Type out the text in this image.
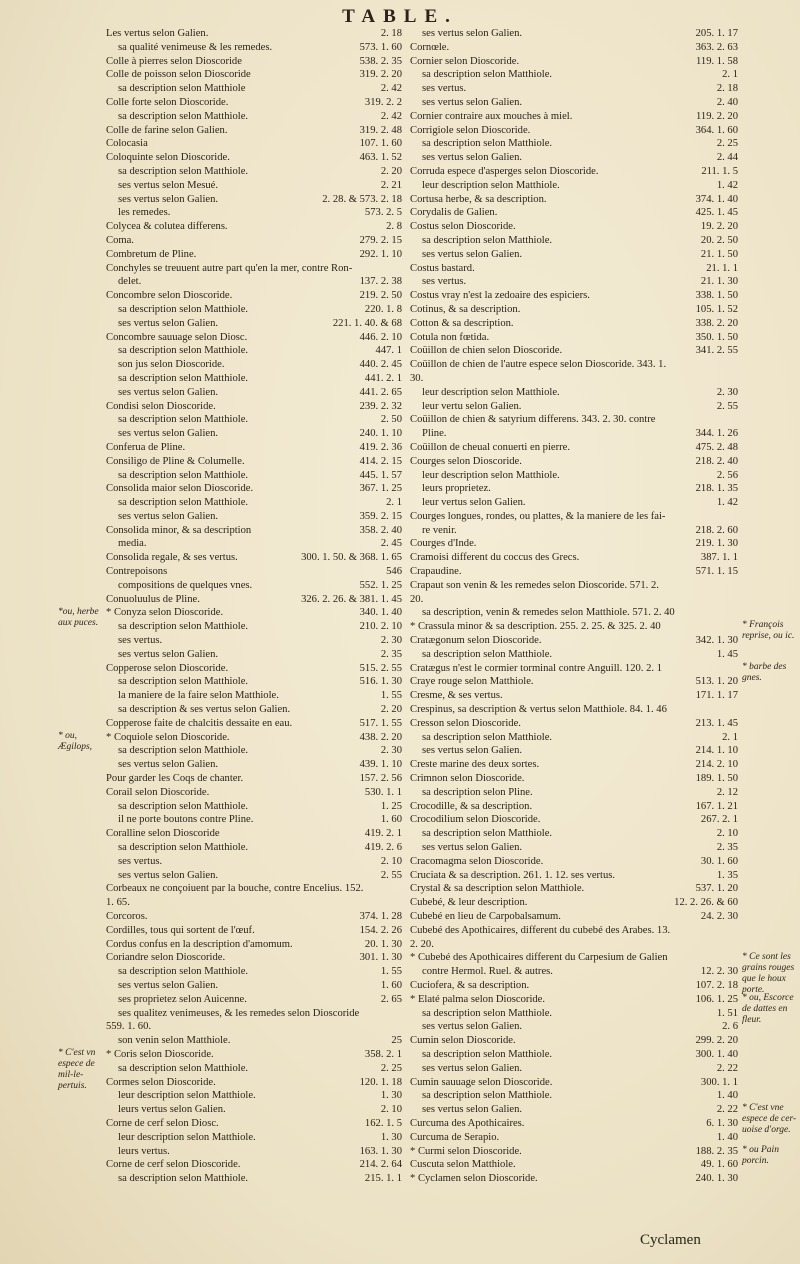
TABLE.
Les vertus selon Galien.	2. 18
sa qualité venimeuse & les remedes.	573. 1. 60
Colle à pierres selon Dioscoride	538. 2. 35
Colle de poisson selon Dioscoride	319. 2. 20
sa description selon Matthiole	2. 42
Colle forte selon Dioscoride.	319. 2. 2
sa description selon Matthiole.	2. 42
Colle de farine selon Galien.	319. 2. 48
Colocasia	107. 1. 60
Coloquinte selon Dioscoride.	463. 1. 52
sa description selon Matthiole.	2. 20
ses vertus selon Mesué.	2. 21
ses vertus selon Galien.	2. 28. & 573. 2. 18
les remedes.	573. 2. 5
Colycea & colutea differens.	2. 8
Coma.	279. 2. 15
Combretum de Pline.	292. 1. 10
Conchyles se treuuent autre part qu'en la mer, contre Ron-
delet.	137. 2. 38
Concombre selon Dioscoride.	219. 2. 50
sa description selon Matthiole.	220. 1. 8
ses vertus selon Galien.	221. 1. 40. & 68
Concombre sauuage selon Diosc.	446. 2. 10
sa description selon Matthiole.	447. 1
son jus selon Dioscoride.	440. 2. 45
sa description selon Matthiole.	441. 2. 1
ses vertus selon Galien.	441. 2. 65
Condisi selon Dioscoride.	239. 2. 32
sa description selon Matthiole.	2. 50
ses vertus selon Galien.	240. 1. 10
Conferua de Pline.	419. 2. 36
Consiligo de Pline & Columelle.	414. 2. 15
sa description selon Matthiole.	445. 1. 57
Consolida maior selon Dioscoride.	367. 1. 25
sa description selon Matthiole.	2. 1
ses vertus selon Galien.	359. 2. 15
Consolida minor, & sa description	358. 2. 40
media.	2. 45
Consolida regale, & ses vertus.	300. 1. 50. & 368. 1. 65
Contrepoisons	546
compositions de quelques vnes.	552. 1. 25
Conuoluulus de Pline.	326. 2. 26. & 381. 1. 45
* Conyza selon Dioscoride.	340. 1. 40
sa description selon Matthiole.	210. 2. 10
ses vertus.	2. 30
ses vertus selon Galien.	2. 35
Copperose selon Dioscoride.	515. 2. 55
sa description selon Matthiole.	516. 1. 30
la maniere de la faire selon Matthiole.	1. 55
sa description & ses vertus selon Galien.	2. 20
Copperose faite de chalcitis dessaite en eau.	517. 1. 55
* Coquiole selon Dioscoride.	438. 2. 20
sa description selon Matthiole.	2. 30
ses vertus selon Galien.	439. 1. 10
Pour garder les Coqs de chanter.	157. 2. 56
Corail selon Dioscoride.	530. 1. 1
sa description selon Matthiole.	1. 25
il ne porte boutons contre Pline.	1. 60
Coralline selon Dioscoride	419. 2. 1
sa description selon Matthiole.	419. 2. 6
ses vertus.	2. 10
ses vertus selon Galien.	2. 55
Corbeaux ne conçoiuent par la bouche, contre Encelius. 152.
1. 65.
Corcoros.	374. 1. 28
Cordilles, tous qui sortent de l'œuf.	154. 2. 26
Cordus confus en la description d'amomum.	20. 1. 30
Coriandre selon Dioscoride.	301. 1. 30
sa description selon Matthiole.	1. 55
ses vertus selon Galien.	1. 60
ses proprietez selon Auicenne.	2. 65
ses qualitez venimeuses, & les remedes selon Dioscoride
559. 1. 60.
son venin selon Matthiole.	25
* Coris selon Dioscoride.	358. 2. 1
sa description selon Matthiole.	2. 25
Cormes selon Dioscoride.	120. 1. 18
leur description selon Matthiole.	1. 30
leurs vertus selon Galien.	2. 10
Corne de cerf selon Diosc.	162. 1. 5
leur description selon Matthiole.	1. 30
leurs vertus.	163. 1. 30
Corne de cerf selon Dioscoride.	214. 2. 64
sa description selon Matthiole.	215. 1. 1
ses vertus selon Galien.	205. 1. 17
Cornœle.	363. 2. 63
Cornier selon Dioscoride.	119. 1. 58
sa description selon Matthiole.	2. 1
ses vertus.	2. 18
ses vertus selon Galien.	2. 40
Cornier contraire aux mouches à miel.	119. 2. 20
Corrigiole selon Dioscoride.	364. 1. 60
sa description selon Matthiole.	2. 25
ses vertus selon Galien.	2. 44
Corruda espece d'asperges selon Dioscoride.	211. 1. 5
leur description selon Matthiole.	1. 42
Cortusa herbe, & sa description.	374. 1. 40
Corydalis de Galien.	425. 1. 45
Costus selon Dioscoride.	19. 2. 20
sa description selon Matthiole.	20. 2. 50
ses vertus selon Galien.	21. 1. 50
Costus bastard.	21. 1. 1
ses vertus.	21. 1. 30
Costus vray n'est la zedoaire des espiciers.	338. 1. 50
Cotinus, & sa description.	105. 1. 52
Cotton & sa description.	338. 2. 20
Cotula non fœtida.	350. 1. 50
Coüillon de chien selon Dioscoride.	341. 2. 55
Coüillon de chien de l'autre espece selon Dioscoride. 343. 1.
30.
leur description selon Matthiole.	2. 30
leur vertu selon Galien.	2. 55
Coüillon de chien & satyrium differens. 343. 2. 30. contre
Pline.	344. 1. 26
Coüillon de cheual conuerti en pierre.	475. 2. 48
Courges selon Dioscoride.	218. 2. 40
leur description selon Matthiole.	2. 56
leurs proprietez.	218. 1. 35
leur vertus selon Galien.	1. 42
Courges longues, rondes, ou plattes, & la maniere de les fai-
re venir.	218. 2. 60
Courges d'Inde.	219. 1. 30
Cramoisi different du coccus des Grecs.	387. 1. 1
Crapaudine.	571. 1. 15
Crapaut son venin & les remedes selon Dioscoride. 571. 2.
20.
sa description, venin & remedes selon Matthiole. 571. 2. 40
* Crassula minor & sa description. 255. 2. 25. & 325. 2. 40
Cratægonum selon Dioscoride.	342. 1. 30
sa description selon Matthiole.	1. 45
Cratægus n'est le cormier torminal contre Anguill. 120. 2. 1
Craye rouge selon Matthiole.	513. 1. 20
Cresme, & ses vertus.	171. 1. 17
Crespinus, sa description & vertus selon Matthiole. 84. 1. 46
Cresson selon Dioscoride.	213. 1. 45
sa description selon Matthiole.	2. 1
ses vertus selon Galien.	214. 1. 10
Creste marine des deux sortes.	214. 2. 10
Crimnon selon Dioscoride.	189. 1. 50
sa description selon Pline.	2. 12
Crocodille, & sa description.	167. 1. 21
Crocodilium selon Dioscoride.	267. 2. 1
sa description selon Matthiole.	2. 10
ses vertus selon Galien.	2. 35
Cracomagma selon Dioscoride.	30. 1. 60
Cruciata & sa description. 261. 1. 12. ses vertus.	1. 35
Crystal & sa description selon Matthiole.	537. 1. 20
Cubebé, & leur description.	12. 2. 26. & 60
Cubebé en lieu de Carpobalsamum.	24. 2. 30
Cubebé des Apothicaires, different du cubebé des Arabes. 13.
2. 20.
* Cubebé des Apothicaires different du Carpesium de Galien
contre Hermol. Ruel. & autres.	12. 2. 30
Cuciofera, & sa description.	107. 2. 18
* Elaté palma selon Dioscoride.	106. 1. 25
sa description selon Matthiole.	1. 51
ses vertus selon Galien.	2. 6
Cumin selon Dioscoride.	299. 2. 20
sa description selon Matthiole.	300. 1. 40
ses vertus selon Galien.	2. 22
Cumin sauuage selon Dioscoride.	300. 1. 1
sa description selon Matthiole.	1. 40
ses vertus selon Galien.	2. 22
Curcuma des Apothicaires.	6. 1. 30
Curcuma de Serapio.	1. 40
* Curmi selon Dioscoride.	188. 2. 35
Cuscuta selon Matthiole.	49. 1. 60
* Cyclamen selon Dioscoride.	240. 1. 30
*ou, herbe aux puces.
* ou, Ægilops,
* C'est vn espece de mil-le-pertuis.
* François reprise, ou ic.
* barbe des gnes.
* Ce sont les grains rouges que le houx porte.
* ou, Escorce de dattes en fleur.
* C'est vne espece de cer-uoise d'orge.
* ou Pain porcin.
Cyclamen
